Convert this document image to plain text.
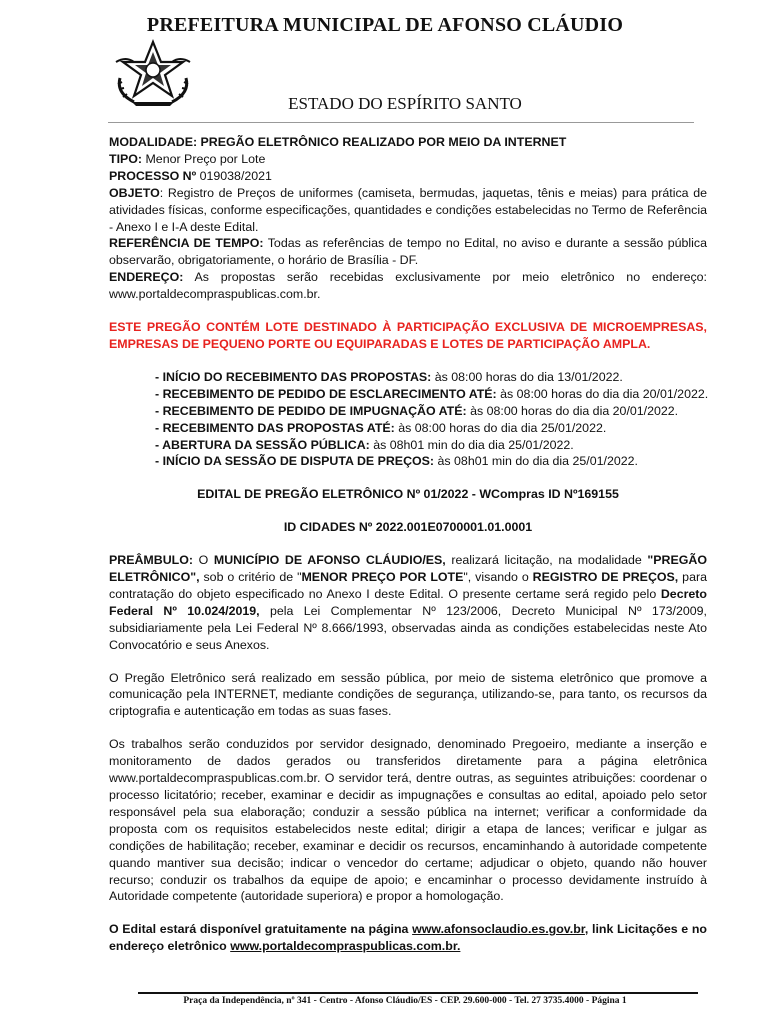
PREFEITURA MUNICIPAL DE AFONSO CLÁUDIO
ESTADO DO ESPÍRITO SANTO

MODALIDADE: PREGÃO ELETRÔNICO REALIZADO POR MEIO DA INTERNET

TIPO: Menor Preço por Lote

PROCESSO Nº 019038/2021

OBJETO: Registro de Preços de uniformes (camiseta, bermudas, jaquetas, tênis e meias) para prática de atividades físicas, conforme especificações, quantidades e condições estabelecidas no Termo de Referência - Anexo I e I-A deste Edital.

REFERÊNCIA DE TEMPO: Todas as referências de tempo no Edital, no aviso e durante a sessão pública observarão, obrigatoriamente, o horário de Brasília - DF.

ENDEREÇO: As propostas serão recebidas exclusivamente por meio eletrônico no endereço: www.portaldecompraspublicas.com.br.

ESTE PREGÃO CONTÉM LOTE DESTINADO À PARTICIPAÇÃO EXCLUSIVA DE MICROEMPRESAS, EMPRESAS DE PEQUENO PORTE OU EQUIPARADAS E LOTES DE PARTICIPAÇÃO AMPLA.

- INÍCIO DO RECEBIMENTO DAS PROPOSTAS: às 08:00 horas do dia 13/01/2022.
- RECEBIMENTO DE PEDIDO DE ESCLARECIMENTO ATÉ: às 08:00 horas do dia dia 20/01/2022.
- RECEBIMENTO DE PEDIDO DE IMPUGNAÇÃO ATÉ: às 08:00 horas do dia dia 20/01/2022.
- RECEBIMENTO DAS PROPOSTAS ATÉ: às 08:00 horas do dia dia 25/01/2022.
- ABERTURA DA SESSÃO PÚBLICA: às 08h01 min do dia dia 25/01/2022.
- INÍCIO DA SESSÃO DE DISPUTA DE PREÇOS: às 08h01 min do dia dia 25/01/2022.

EDITAL DE PREGÃO ELETRÔNICO Nº 01/2022 - WCompras ID Nº169155

ID CIDADES Nº 2022.001E0700001.01.0001

PREÂMBULO: O MUNICÍPIO DE AFONSO CLÁUDIO/ES, realizará licitação, na modalidade "PREGÃO ELETRÔNICO", sob o critério de "MENOR PREÇO POR LOTE", visando o REGISTRO DE PREÇOS, para contratação do objeto especificado no Anexo I deste Edital. O presente certame será regido pelo Decreto Federal Nº 10.024/2019, pela Lei Complementar Nº 123/2006, Decreto Municipal Nº 173/2009, subsidiariamente pela Lei Federal Nº 8.666/1993, observadas ainda as condições estabelecidas neste Ato Convocatório e seus Anexos.

O Pregão Eletrônico será realizado em sessão pública, por meio de sistema eletrônico que promove a comunicação pela INTERNET, mediante condições de segurança, utilizando-se, para tanto, os recursos da criptografia e autenticação em todas as suas fases.

Os trabalhos serão conduzidos por servidor designado, denominado Pregoeiro, mediante a inserção e monitoramento de dados gerados ou transferidos diretamente para a página eletrônica www.portaldecompraspublicas.com.br. O servidor terá, dentre outras, as seguintes atribuições: coordenar o processo licitatório; receber, examinar e decidir as impugnações e consultas ao edital, apoiado pelo setor responsável pela sua elaboração; conduzir a sessão pública na internet; verificar a conformidade da proposta com os requisitos estabelecidos neste edital; dirigir a etapa de lances; verificar e julgar as condições de habilitação; receber, examinar e decidir os recursos, encaminhando à autoridade competente quando mantiver sua decisão; indicar o vencedor do certame; adjudicar o objeto, quando não houver recurso; conduzir os trabalhos da equipe de apoio; e encaminhar o processo devidamente instruído à Autoridade competente (autoridade superiora) e propor a homologação.

O Edital estará disponível gratuitamente na página www.afonsoclaudio.es.gov.br, link Licitações e no endereço eletrônico www.portaldecompraspublicas.com.br.

Praça da Independência, nº 341 - Centro - Afonso Cláudio/ES - CEP. 29.600-000 - Tel. 27 3735.4000 - Página 1
